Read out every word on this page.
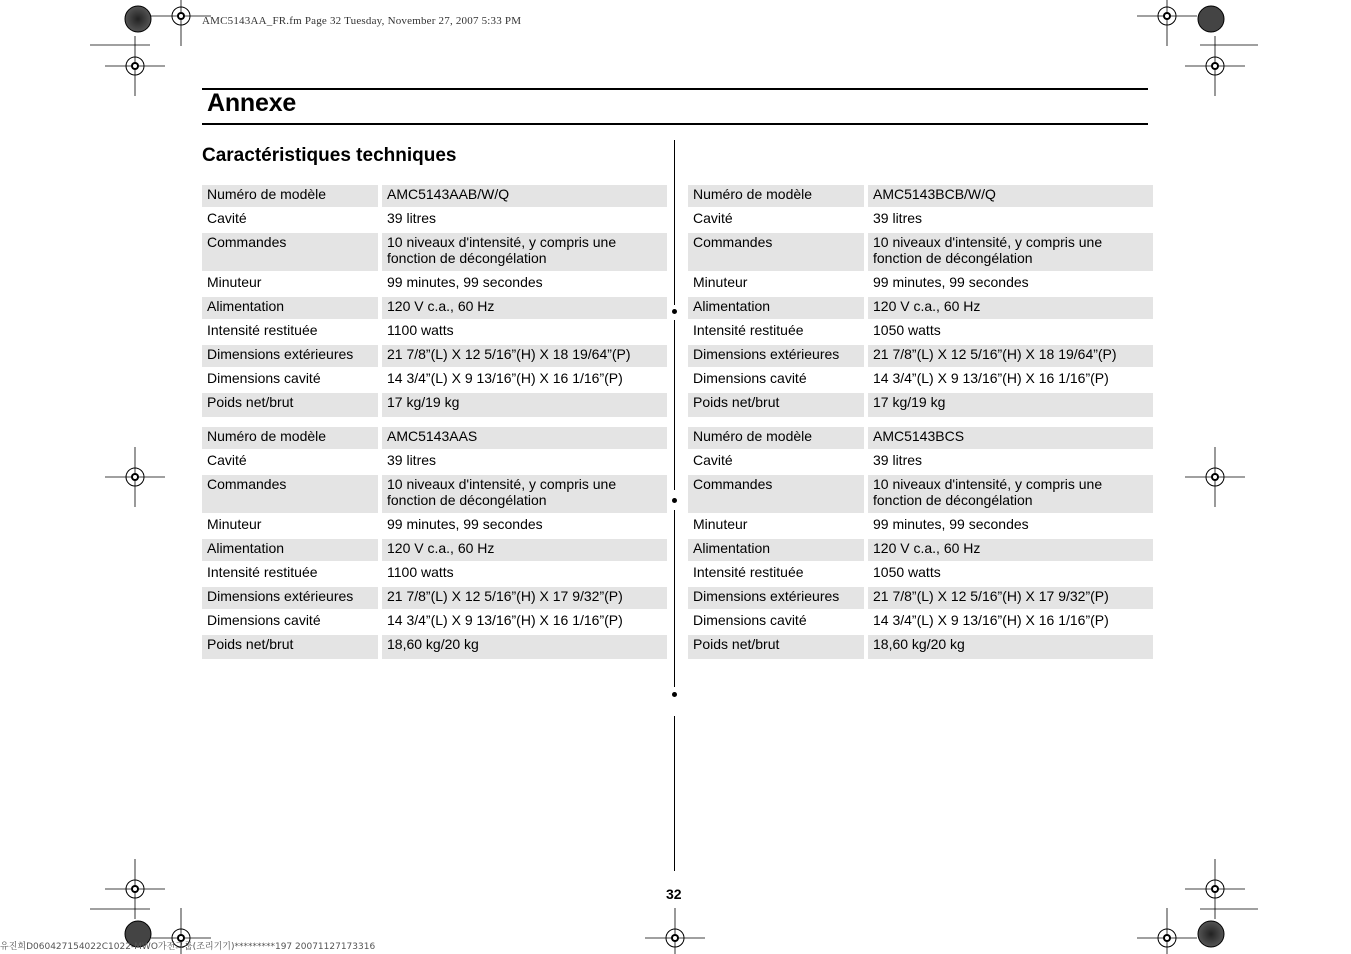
AMC5143AA_FR.fm Page 32 Tuesday, November 27, 2007 5:33 PM
Annexe
Caractéristiques techniques
Numéro de modèle	AMC5143AAB/W/Q

Cavité	39 litres

Commandes	10 niveaux d'intensité, y compris une fonction de décongélation

Minuteur	99 minutes, 99 secondes

Alimentation	120 V c.a., 60 Hz

Intensité restituée	1100 watts

Dimensions extérieures	21 7/8”(L) X 12 5/16”(H) X 18 19/64”(P)

Dimensions cavité	14 3/4”(L) X 9 13/16”(H) X 16 1/16”(P)

Poids net/brut	17 kg/19 kg
Numéro de modèle	AMC5143BCB/W/Q

Cavité	39 litres

Commandes	10 niveaux d'intensité, y compris une fonction de décongélation

Minuteur	99 minutes, 99 secondes

Alimentation	120 V c.a., 60 Hz

Intensité restituée	1050 watts

Dimensions extérieures	21 7/8”(L) X 12 5/16”(H) X 18 19/64”(P)

Dimensions cavité	14 3/4”(L) X 9 13/16”(H) X 16 1/16”(P)

Poids net/brut	17 kg/19 kg
Numéro de modèle	AMC5143AAS

Cavité	39 litres

Commandes	10 niveaux d'intensité, y compris une fonction de décongélation

Minuteur	99 minutes, 99 secondes

Alimentation	120 V c.a., 60 Hz

Intensité restituée	1100 watts

Dimensions extérieures	21 7/8”(L) X 12 5/16”(H) X 17 9/32”(P)

Dimensions cavité	14 3/4”(L) X 9 13/16”(H) X 16 1/16”(P)

Poids net/brut	18,60 kg/20 kg
Numéro de modèle	AMC5143BCS

Cavité	39 litres

Commandes	10 niveaux d'intensité, y compris une fonction de décongélation

Minuteur	99 minutes, 99 secondes

Alimentation	120 V c.a., 60 Hz

Intensité restituée	1050 watts

Dimensions extérieures	21 7/8”(L) X 12 5/16”(H) X 17 9/32”(P)

Dimensions cavité	14 3/4”(L) X 9 13/16”(H) X 16 1/16”(P)

Poids net/brut	18,60 kg/20 kg
32
유진희D060427154022C1022-MWO가전그룹(조리기기)*********197 20071127173316
